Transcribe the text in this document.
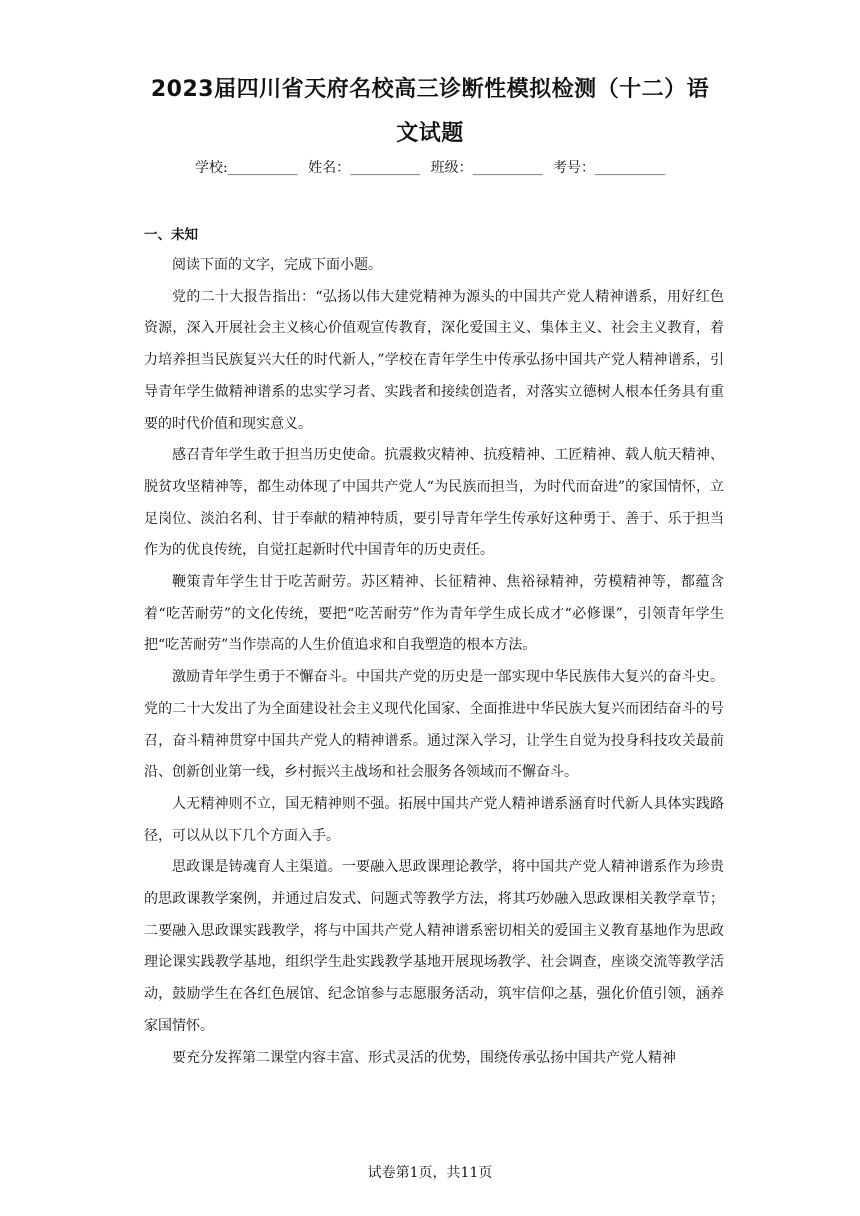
2023届四川省天府名校高三诊断性模拟检测（十二）语文试题
学校:__________ 姓名：__________ 班级：__________ 考号：__________
一、未知

阅读下面的文字，完成下面小题。

党的二十大报告指出：“弘扬以伟大建党精神为源头的中国共产党人精神谱系，用好红色资源，深入开展社会主义核心价值观宣传教育，深化爱国主义、集体主义、社会主义教育，着力培养担当民族复兴大任的时代新人，”学校在青年学生中传承弘扬中国共产党人精神谱系，引导青年学生做精神谱系的忠实学习者、实践者和接续创造者，对落实立德树人根本任务具有重要的时代价值和现实意义。

感召青年学生敢于担当历史使命。抗震救灾精神、抗疫精神、工匠精神、载人航天精神、脱贫攻坚精神等，都生动体现了中国共产党人“为民族而担当，为时代而奋进”的家国情怀，立足岗位、淡泊名利、甘于奉献的精神特质，要引导青年学生传承好这种勇于、善于、乐于担当作为的优良传统，自觉扛起新时代中国青年的历史责任。

鞭策青年学生甘于吃苦耐劳。苏区精神、长征精神、焦裕禄精神，劳模精神等，都蕴含着“吃苦耐劳”的文化传统，要把“吃苦耐劳”作为青年学生成长成才“必修课”，引领青年学生把“吃苦耐劳”当作崇高的人生价值追求和自我塑造的根本方法。

激励青年学生勇于不懈奋斗。中国共产党的历史是一部实现中华民族伟大复兴的奋斗史。党的二十大发出了为全面建设社会主义现代化国家、全面推进中华民族大复兴而团结奋斗的号召，奋斗精神贯穿中国共产党人的精神谱系。通过深入学习，让学生自觉为投身科技攻关最前沿、创新创业第一线，乡村振兴主战场和社会服务各领域而不懈奋斗。

人无精神则不立，国无精神则不强。拓展中国共产党人精神谱系涵育时代新人具体实践路径，可以从以下几个方面入手。

思政课是铸魂育人主渠道。一要融入思政课理论教学，将中国共产党人精神谱系作为珍贵的思政课教学案例，并通过启发式、问题式等教学方法，将其巧妙融入思政课相关教学章节；二要融入思政课实践教学，将与中国共产党人精神谱系密切相关的爱国主义教育基地作为思政理论课实践教学基地，组织学生赴实践教学基地开展现场教学、社会调查，座谈交流等教学活动，鼓励学生在各红色展馆、纪念馆参与志愿服务活动，筑牢信仰之基，强化价值引领，涵养家国情怀。

要充分发挥第二课堂内容丰富、形式灵活的优势，围绕传承弘扬中国共产党人精神

试卷第1页，共11页
